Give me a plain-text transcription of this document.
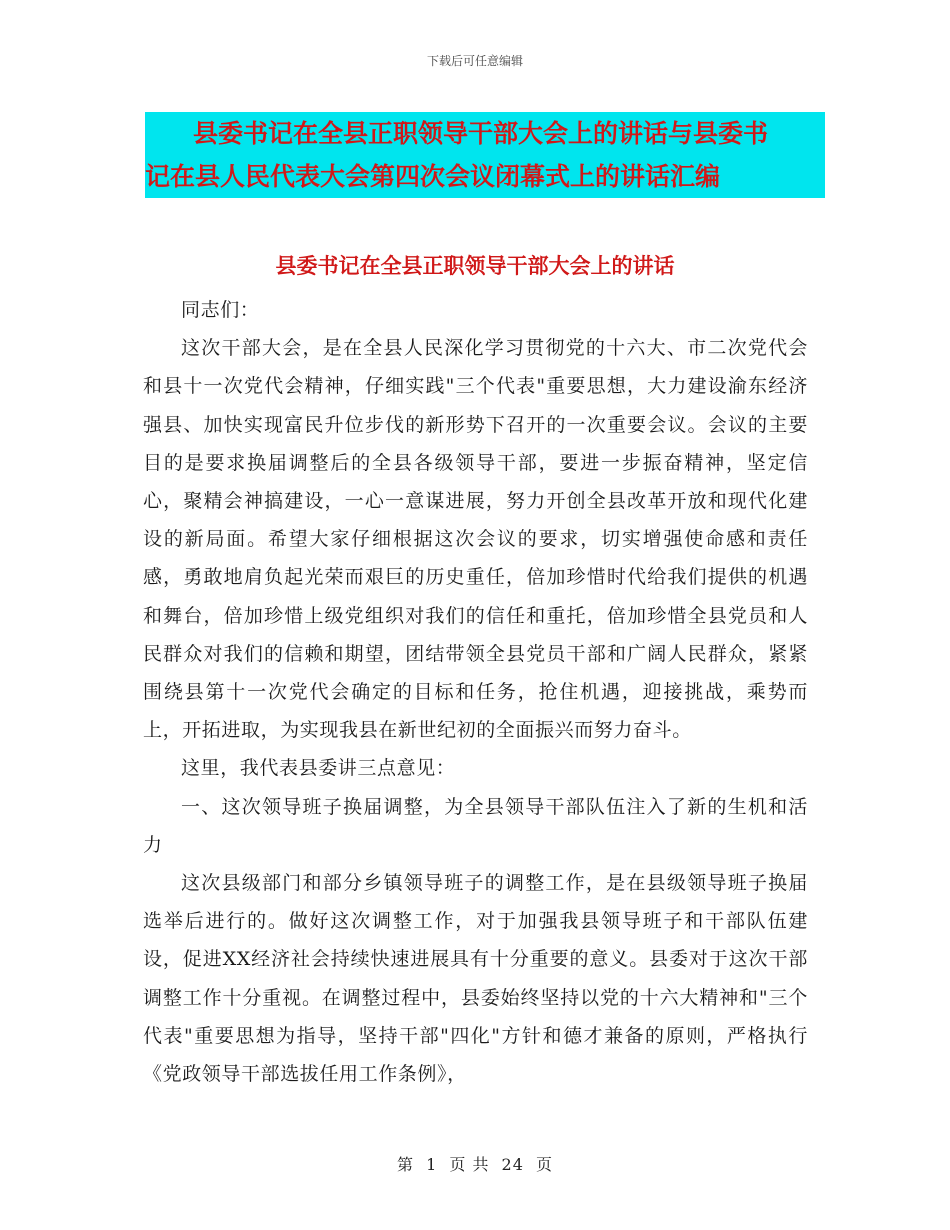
下载后可任意编辑
县委书记在全县正职领导干部大会上的讲话与县委书
记在县人民代表大会第四次会议闭幕式上的讲话汇编
县委书记在全县正职领导干部大会上的讲话

同志们：

这次干部大会，是在全县人民深化学习贯彻党的十六大、市二次党代会和县十一次党代会精神，仔细实践"三个代表"重要思想，大力建设渝东经济强县、加快实现富民升位步伐的新形势下召开的一次重要会议。会议的主要目的是要求换届调整后的全县各级领导干部，要进一步振奋精神，坚定信心，聚精会神搞建设，一心一意谋进展，努力开创全县改革开放和现代化建设的新局面。希望大家仔细根据这次会议的要求，切实增强使命感和责任感，勇敢地肩负起光荣而艰巨的历史重任，倍加珍惜时代给我们提供的机遇和舞台，倍加珍惜上级党组织对我们的信任和重托，倍加珍惜全县党员和人民群众对我们的信赖和期望，团结带领全县党员干部和广阔人民群众，紧紧围绕县第十一次党代会确定的目标和任务，抢住机遇，迎接挑战，乘势而上，开拓进取，为实现我县在新世纪初的全面振兴而努力奋斗。

这里，我代表县委讲三点意见：

一、这次领导班子换届调整，为全县领导干部队伍注入了新的生机和活力

这次县级部门和部分乡镇领导班子的调整工作，是在县级领导班子换届选举后进行的。做好这次调整工作，对于加强我县领导班子和干部队伍建设，促进XX经济社会持续快速进展具有十分重要的意义。县委对于这次干部调整工作十分重视。在调整过程中，县委始终坚持以党的十六大精神和"三个代表"重要思想为指导，坚持干部"四化"方针和德才兼备的原则，严格执行《党政领导干部选拔任用工作条例》，

第 1 页 共 24 页
